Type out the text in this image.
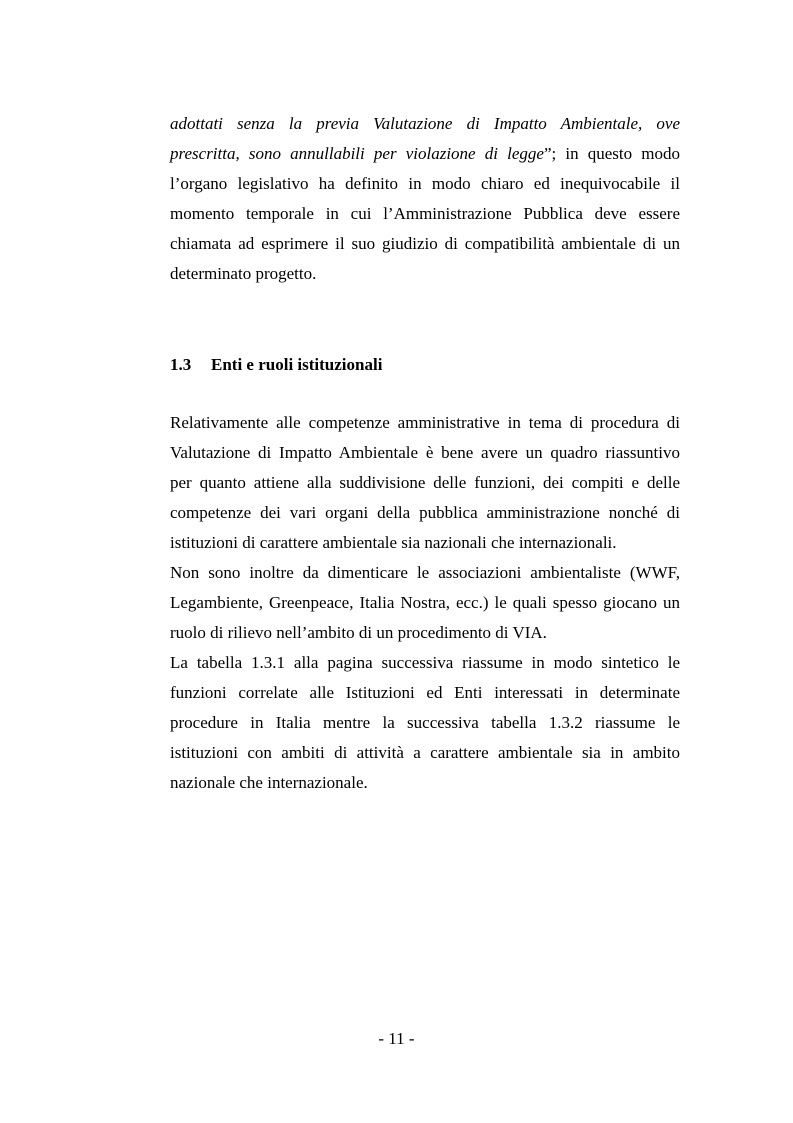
adottati senza la previa Valutazione di Impatto Ambientale, ove
prescritta, sono annullabili per violazione di legge”; in questo modo
l’organo legislativo ha definito in modo chiaro ed inequivocabile il
momento temporale in cui l’Amministrazione Pubblica deve essere
chiamata ad esprimere il suo giudizio di compatibilità ambientale di un
determinato progetto.
1.3 Enti e ruoli istituzionali
Relativamente alle competenze amministrative in tema di procedura di
Valutazione di Impatto Ambientale è bene avere un quadro riassuntivo
per quanto attiene alla suddivisione delle funzioni, dei compiti e delle
competenze dei vari organi della pubblica amministrazione nonché di
istituzioni di carattere ambientale sia nazionali che internazionali.
Non sono inoltre da dimenticare le associazioni ambientaliste (WWF,
Legambiente, Greenpeace, Italia Nostra, ecc.) le quali spesso giocano un
ruolo di rilievo nell’ambito di un procedimento di VIA.
La tabella 1.3.1 alla pagina successiva riassume in modo sintetico le
funzioni correlate alle Istituzioni ed Enti interessati in determinate
procedure in Italia mentre la successiva tabella 1.3.2 riassume le
istituzioni con ambiti di attività a carattere ambientale sia in ambito
nazionale che internazionale.
- 11 -
